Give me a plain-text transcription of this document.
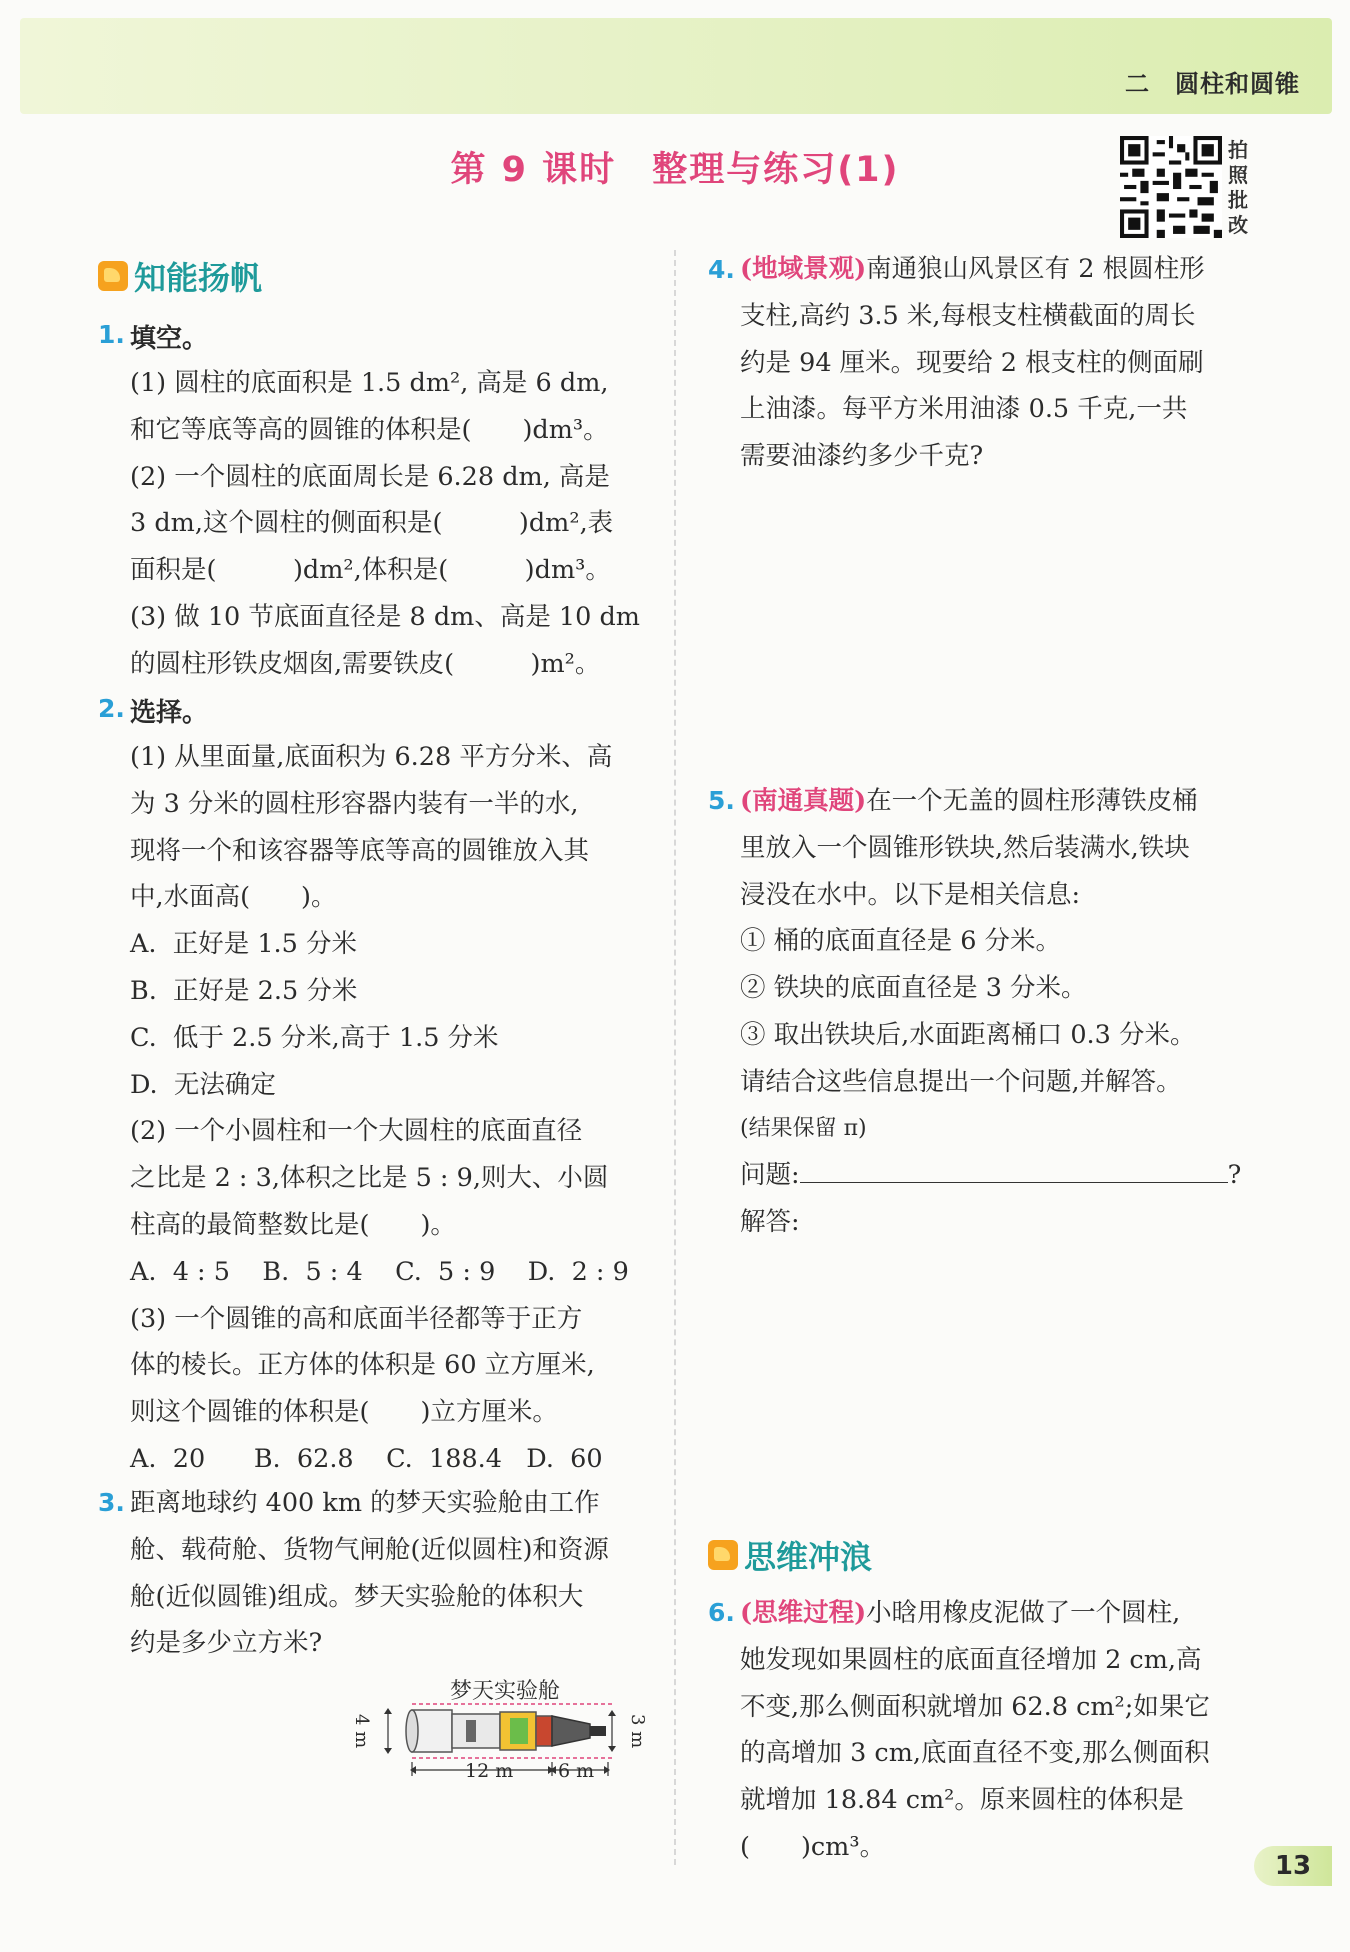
二　圆柱和圆锥
第 9 课时 整理与练习(1)	拍
照
批
改
知能扬帆
1. 填空。
(1) 圆柱的底面积是 1.5 dm², 高是 6 dm,
和它等底等高的圆锥的体积是(　　)dm³。
(2) 一个圆柱的底面周长是 6.28 dm, 高是
3 dm,这个圆柱的侧面积是(　　　)dm²,表
面积是(　　　)dm²,体积是(　　　)dm³。
(3) 做 10 节底面直径是 8 dm、高是 10 dm
的圆柱形铁皮烟囱,需要铁皮(　　　)m²。
2. 选择。
(1) 从里面量,底面积为 6.28 平方分米、高
为 3 分米的圆柱形容器内装有一半的水,
现将一个和该容器等底等高的圆锥放入其
中,水面高(　　)。
A.  正好是 1.5 分米
B.  正好是 2.5 分米
C.  低于 2.5 分米,高于 1.5 分米
D.  无法确定
(2) 一个小圆柱和一个大圆柱的底面直径
之比是 2 : 3,体积之比是 5 : 9,则大、小圆
柱高的最简整数比是(　　)。
A.  4 : 5    B.  5 : 4    C.  5 : 9    D.  2 : 9
(3) 一个圆锥的高和底面半径都等于正方
体的棱长。正方体的体积是 60 立方厘米,
则这个圆锥的体积是(　　)立方厘米。
A.  20      B.  62.8    C.  188.4   D.  60
3. 距离地球约 400 km 的梦天实验舱由工作
舱、载荷舱、货物气闸舱(近似圆柱)和资源
舱(近似圆锥)组成。梦天实验舱的体积大
约是多少立方米?
梦天实验舱
4 m	3 m
12 m 6 m
4. (地域景观)南通狼山风景区有 2 根圆柱形
支柱,高约 3.5 米,每根支柱横截面的周长
约是 94 厘米。现要给 2 根支柱的侧面刷
上油漆。每平方米用油漆 0.5 千克,一共
需要油漆约多少千克?
5. (南通真题)在一个无盖的圆柱形薄铁皮桶
里放入一个圆锥形铁块,然后装满水,铁块
浸没在水中。以下是相关信息:
① 桶的底面直径是 6 分米。
② 铁块的底面直径是 3 分米。
③ 取出铁块后,水面距离桶口 0.3 分米。
请结合这些信息提出一个问题,并解答。
(结果保留 π)
问题:	?
解答:
思维冲浪
6. (思维过程)小晗用橡皮泥做了一个圆柱,
她发现如果圆柱的底面直径增加 2 cm,高
不变,那么侧面积就增加 62.8 cm²;如果它
的高增加 3 cm,底面直径不变,那么侧面积
就增加 18.84 cm²。原来圆柱的体积是
(　　)cm³。
13
